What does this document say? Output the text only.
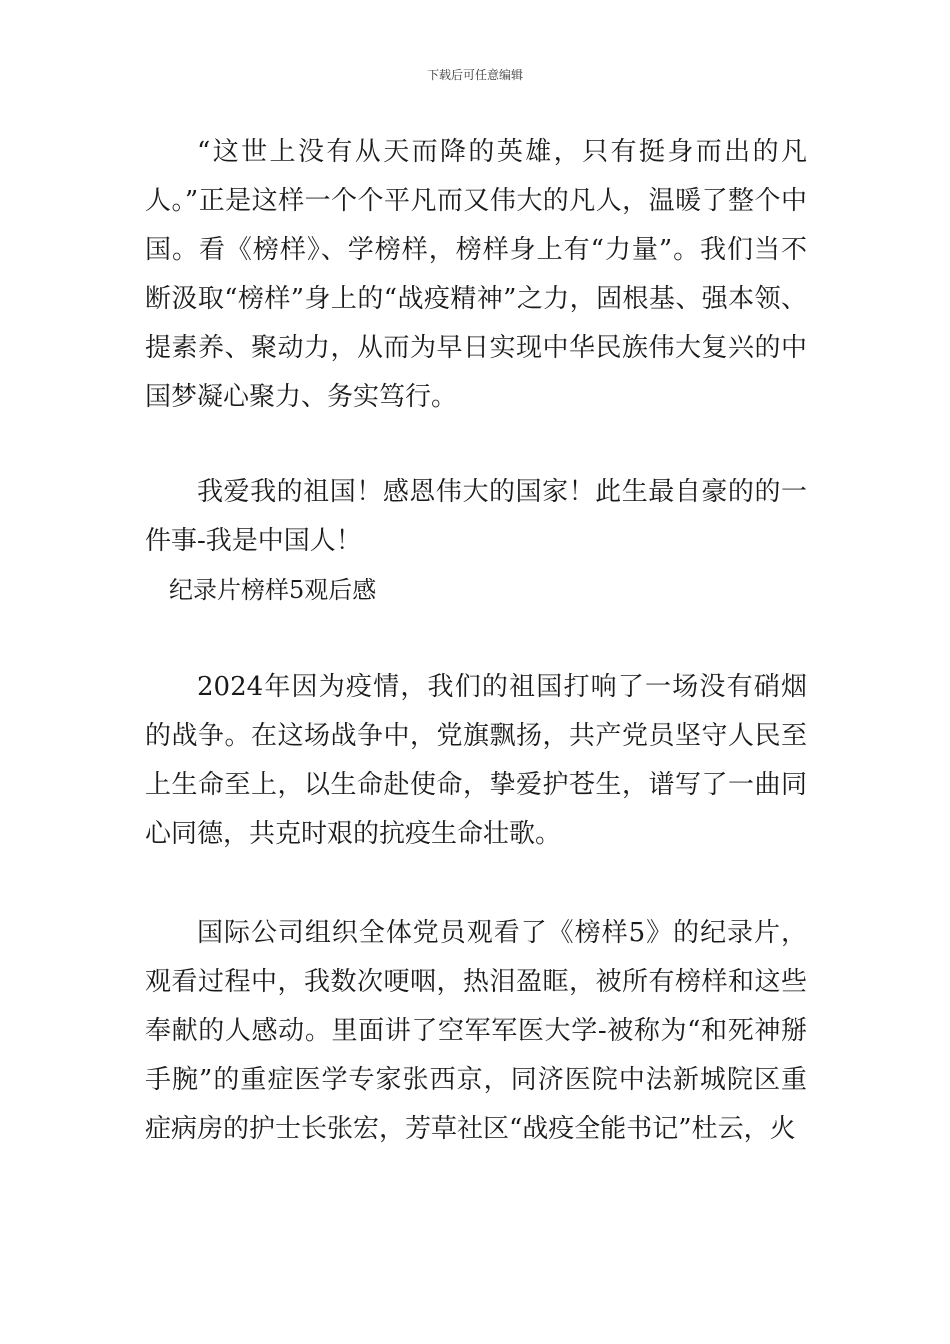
下载后可任意编辑

“这世上没有从天而降的英雄，只有挺身而出的凡人。”正是这样一个个平凡而又伟大的凡人，温暖了整个中国。看《榜样》、学榜样，榜样身上有“力量”。我们当不断汲取“榜样”身上的“战疫精神”之力，固根基、强本领、提素养、聚动力，从而为早日实现中华民族伟大复兴的中国梦凝心聚力、务实笃行。

我爱我的祖国！感恩伟大的国家！此生最自豪的的一件事-我是中国人！

纪录片榜样5观后感

2024年因为疫情，我们的祖国打响了一场没有硝烟的战争。在这场战争中，党旗飘扬，共产党员坚守人民至上生命至上，以生命赴使命，挚爱护苍生，谱写了一曲同心同德，共克时艰的抗疫生命壮歌。

国际公司组织全体党员观看了《榜样5》的纪录片，观看过程中，我数次哽咽，热泪盈眶，被所有榜样和这些奉献的人感动。里面讲了空军军医大学-被称为“和死神掰手腕”的重症医学专家张西京，同济医院中法新城院区重症病房的护士长张宏，芳草社区“战疫全能书记”杜云，火
